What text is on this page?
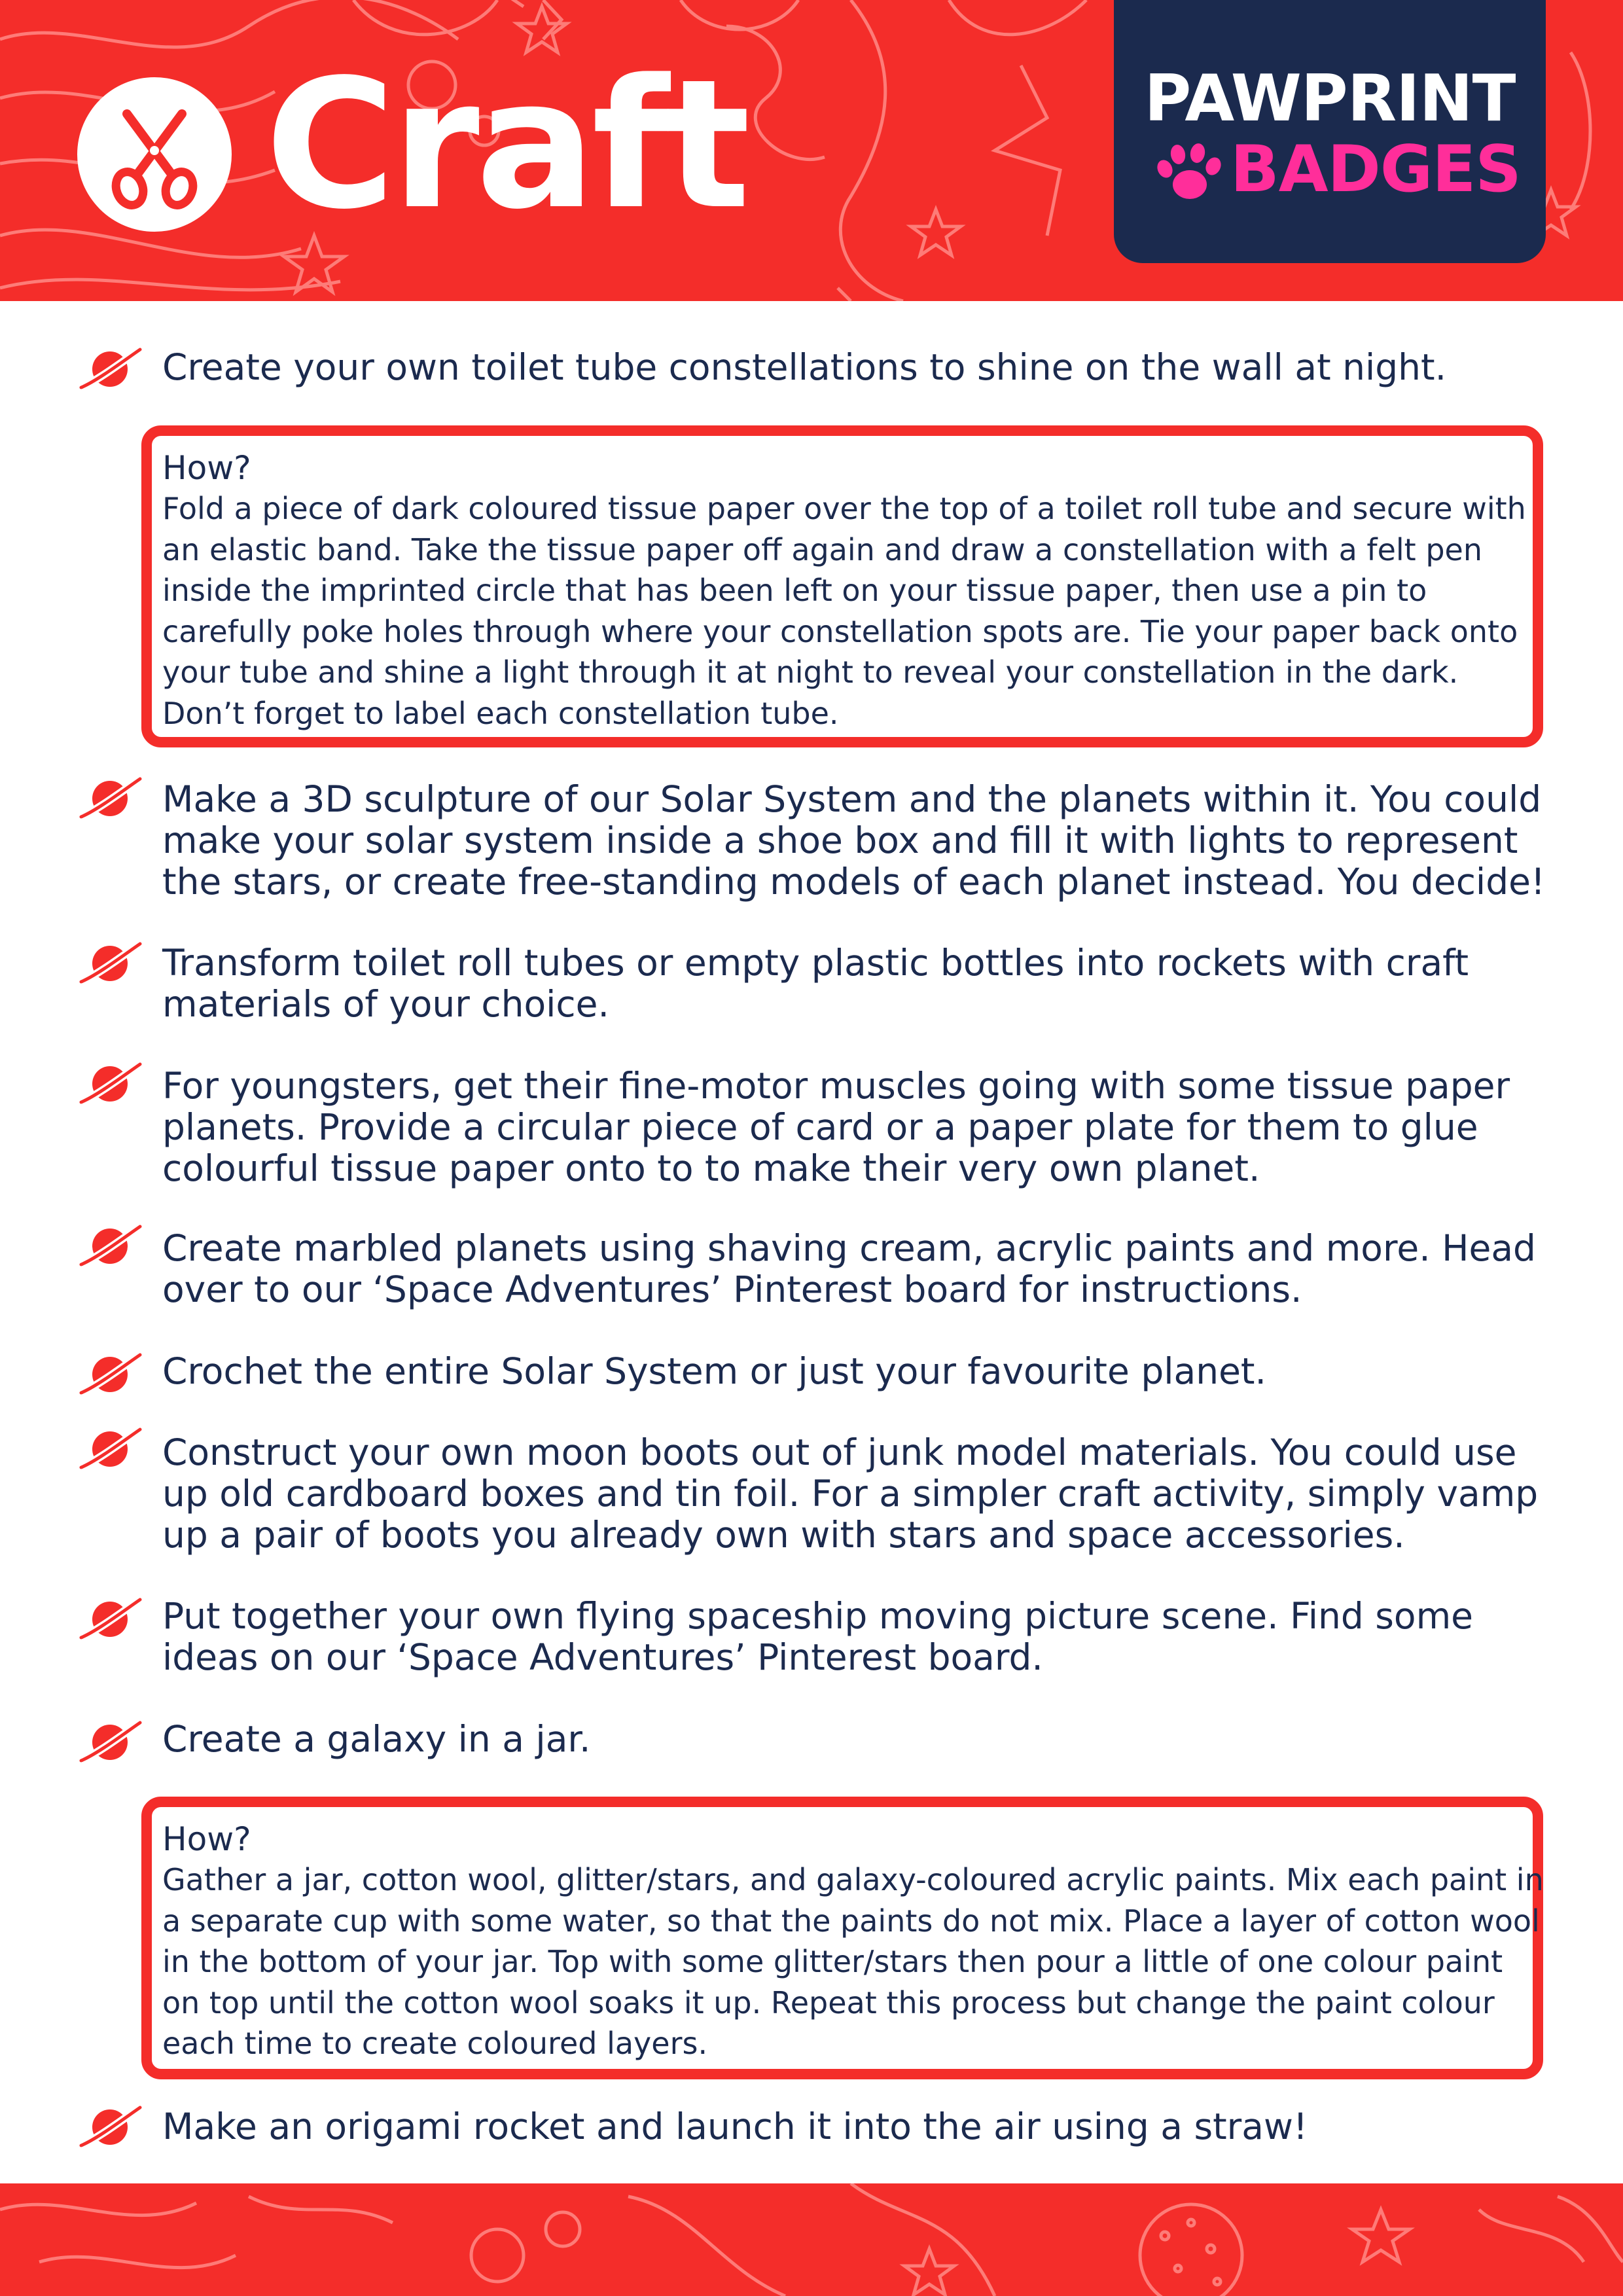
Craft	PAWPRINT
BADGES
Create your own toilet tube constellations to shine on the wall at night.
How?
Fold a piece of dark coloured tissue paper over the top of a toilet roll tube and secure with an elastic band. Take the tissue paper off again and draw a constellation with a felt pen inside the imprinted circle that has been left on your tissue paper, then use a pin to carefully poke holes through where your constellation spots are. Tie your paper back onto your tube and shine a light through it at night to reveal your constellation in the dark. Don’t forget to label each constellation tube.
Make a 3D sculpture of our Solar System and the planets within it. You could make your solar system inside a shoe box and fill it with lights to represent the stars, or create free-standing models of each planet instead. You decide!
Transform toilet roll tubes or empty plastic bottles into rockets with craft materials of your choice.
For youngsters, get their fine-motor muscles going with some tissue paper planets. Provide a circular piece of card or a paper plate for them to glue colourful tissue paper onto to to make their very own planet.
Create marbled planets using shaving cream, acrylic paints and more. Head over to our ‘Space Adventures’ Pinterest board for instructions.
Crochet the entire Solar System or just your favourite planet.
Construct your own moon boots out of junk model materials. You could use up old cardboard boxes and tin foil. For a simpler craft activity, simply vamp up a pair of boots you already own with stars and space accessories.
Put together your own flying spaceship moving picture scene. Find some ideas on our ‘Space Adventures’ Pinterest board.
Create a galaxy in a jar.
How?
Gather a jar, cotton wool, glitter/stars, and galaxy-coloured acrylic paints. Mix each paint in a separate cup with some water, so that the paints do not mix. Place a layer of cotton wool in the bottom of your jar. Top with some glitter/stars then pour a little of one colour paint on top until the cotton wool soaks it up. Repeat this process but change the paint colour each time to create coloured layers.
Make an origami rocket and launch it into the air using a straw!
